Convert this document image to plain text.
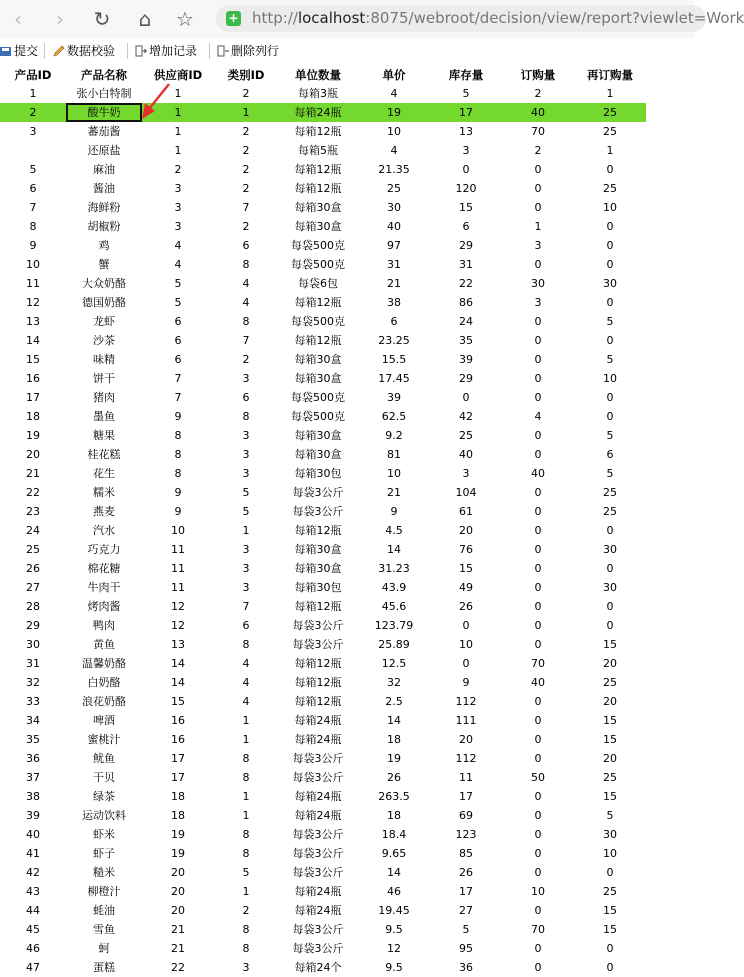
‹	›	↻ ⌂ ☆	+ http://localhost:8075/webroot/decision/view/report?viewlet=Work
提交	数据校验	增加记录	删除列行
产品ID	产品名称	供应商ID	类别ID	单位数量	单价	库存量	订购量	再订购量
1	张小白特制	1	2	每箱3瓶	4	5	2	1
2	酸牛奶	1	1	每箱24瓶	19	17	40	25
3	蕃茄酱	1	2	每箱12瓶	10	13	70	25
	还原盐	1	2	每箱5瓶	4	3	2	1
5	麻油	2	2	每箱12瓶	21.35	0	0	0
6	酱油	3	2	每箱12瓶	25	120	0	25
7	海鲜粉	3	7	每箱30盒	30	15	0	10
8	胡椒粉	3	2	每箱30盒	40	6	1	0
9	鸡	4	6	每袋500克	97	29	3	0
10	蟹	4	8	每袋500克	31	31	0	0
11	大众奶酪	5	4	每袋6包	21	22	30	30
12	德国奶酪	5	4	每箱12瓶	38	86	3	0
13	龙虾	6	8	每袋500克	6	24	0	5
14	沙茶	6	7	每箱12瓶	23.25	35	0	0
15	味精	6	2	每箱30盒	15.5	39	0	5
16	饼干	7	3	每箱30盒	17.45	29	0	10
17	猪肉	7	6	每袋500克	39	0	0	0
18	墨鱼	9	8	每袋500克	62.5	42	4	0
19	糖果	8	3	每箱30盒	9.2	25	0	5
20	桂花糕	8	3	每箱30盒	81	40	0	6
21	花生	8	3	每箱30包	10	3	40	5
22	糯米	9	5	每袋3公斤	21	104	0	25
23	燕麦	9	5	每袋3公斤	9	61	0	25
24	汽水	10	1	每箱12瓶	4.5	20	0	0
25	巧克力	11	3	每箱30盒	14	76	0	30
26	棉花糖	11	3	每箱30盒	31.23	15	0	0
27	牛肉干	11	3	每箱30包	43.9	49	0	30
28	烤肉酱	12	7	每箱12瓶	45.6	26	0	0
29	鸭肉	12	6	每袋3公斤	123.79	0	0	0
30	黄鱼	13	8	每袋3公斤	25.89	10	0	15
31	温馨奶酪	14	4	每箱12瓶	12.5	0	70	20
32	白奶酪	14	4	每箱12瓶	32	9	40	25
33	浪花奶酪	15	4	每箱12瓶	2.5	112	0	20
34	啤酒	16	1	每箱24瓶	14	111	0	15
35	蜜桃汁	16	1	每箱24瓶	18	20	0	15
36	鱿鱼	17	8	每袋3公斤	19	112	0	20
37	干贝	17	8	每袋3公斤	26	11	50	25
38	绿茶	18	1	每箱24瓶	263.5	17	0	15
39	运动饮料	18	1	每箱24瓶	18	69	0	5
40	虾米	19	8	每袋3公斤	18.4	123	0	30
41	虾子	19	8	每袋3公斤	9.65	85	0	10
42	糙米	20	5	每袋3公斤	14	26	0	0
43	柳橙汁	20	1	每箱24瓶	46	17	10	25
44	蚝油	20	2	每箱24瓶	19.45	27	0	15
45	雪鱼	21	8	每袋3公斤	9.5	5	70	15
46	蚵	21	8	每袋3公斤	12	95	0	0
47	蛋糕	22	3	每箱24个	9.5	36	0	0
